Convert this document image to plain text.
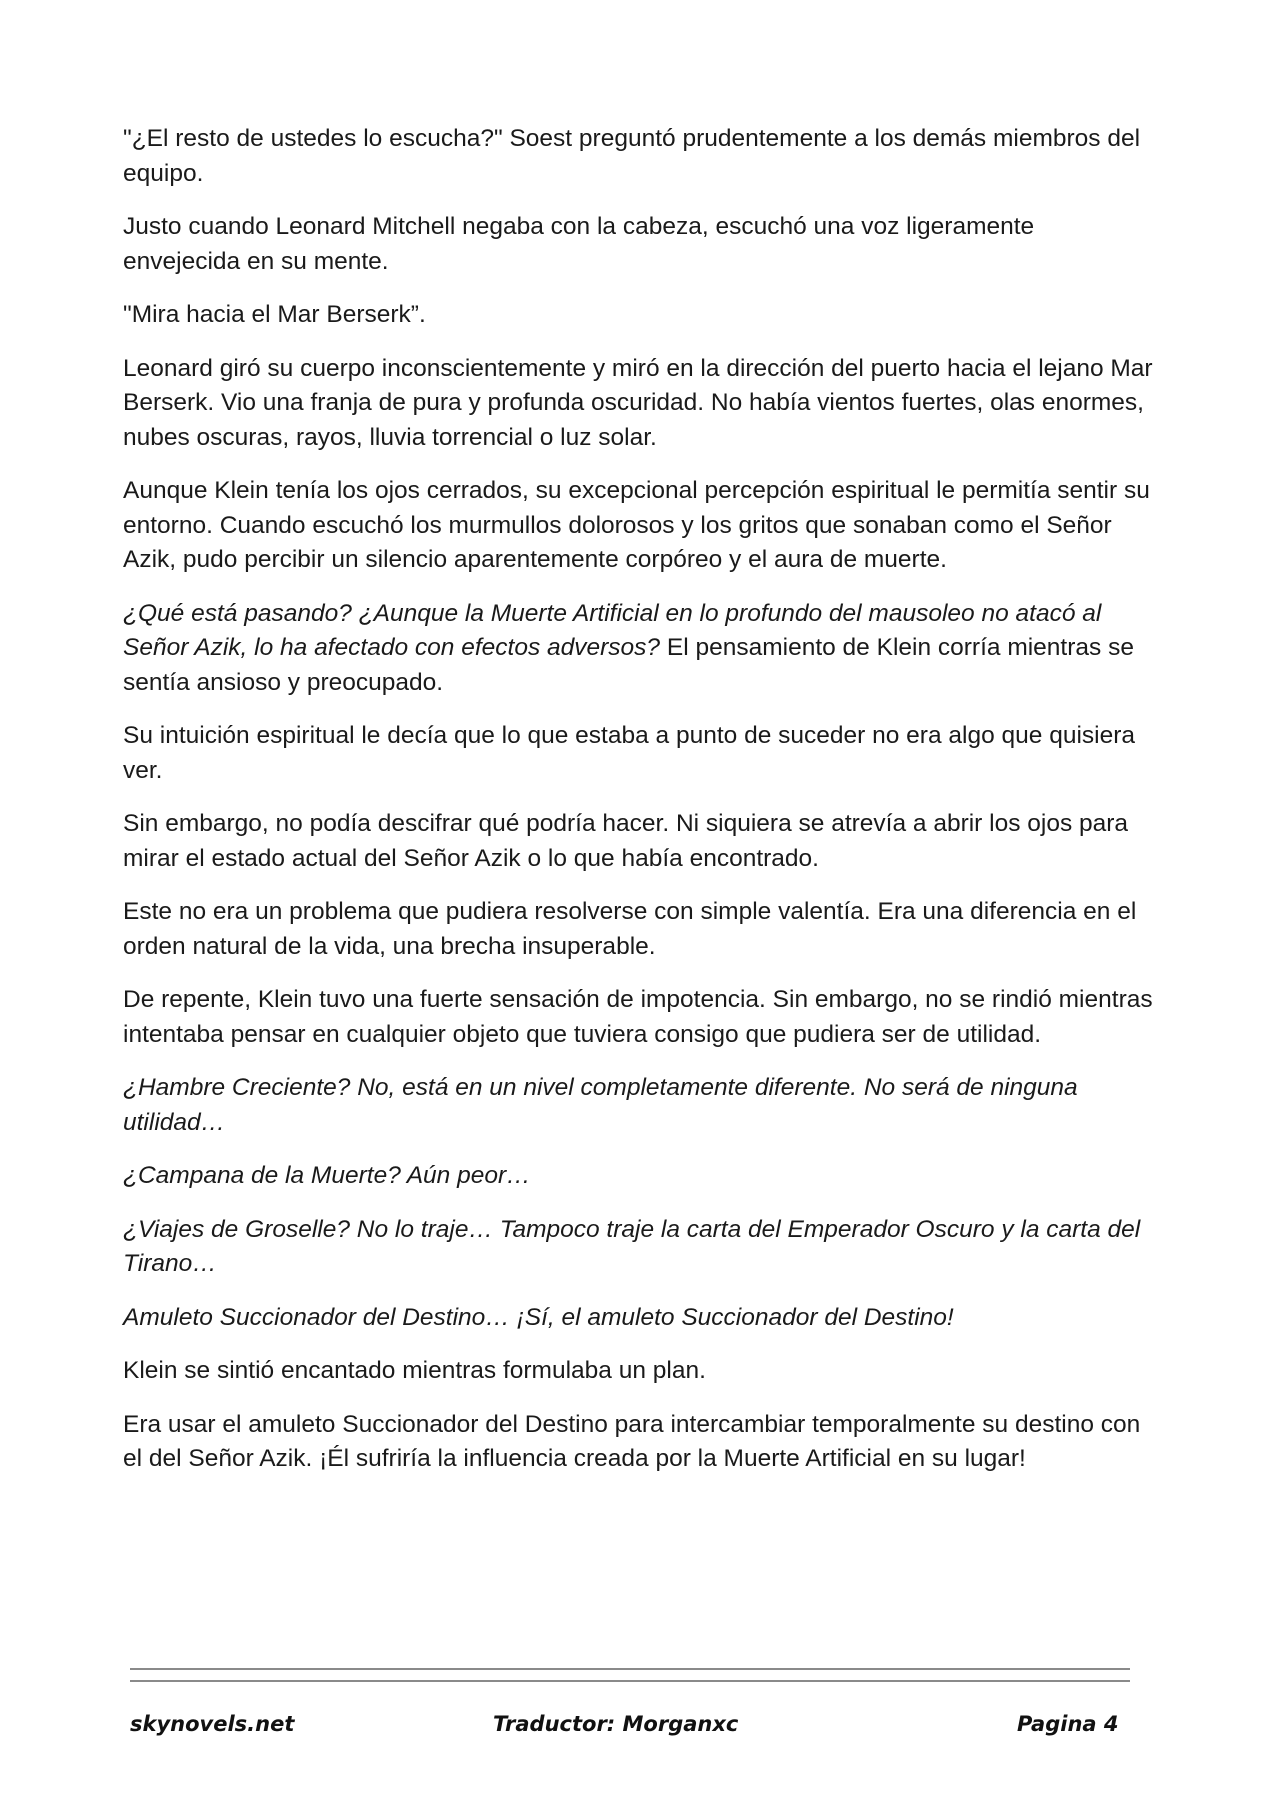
"¿El resto de ustedes lo escucha?" Soest preguntó prudentemente a los demás miembros del equipo.

Justo cuando Leonard Mitchell negaba con la cabeza, escuchó una voz ligeramente envejecida en su mente.

"Mira hacia el Mar Berserk”.

Leonard giró su cuerpo inconscientemente y miró en la dirección del puerto hacia el lejano Mar Berserk. Vio una franja de pura y profunda oscuridad. No había vientos fuertes, olas enormes, nubes oscuras, rayos, lluvia torrencial o luz solar.

Aunque Klein tenía los ojos cerrados, su excepcional percepción espiritual le permitía sentir su entorno. Cuando escuchó los murmullos dolorosos y los gritos que sonaban como el Señor Azik, pudo percibir un silencio aparentemente corpóreo y el aura de muerte.

¿Qué está pasando? ¿Aunque la Muerte Artificial en lo profundo del mausoleo no atacó al Señor Azik, lo ha afectado con efectos adversos? El pensamiento de Klein corría mientras se sentía ansioso y preocupado.

Su intuición espiritual le decía que lo que estaba a punto de suceder no era algo que quisiera ver.

Sin embargo, no podía descifrar qué podría hacer. Ni siquiera se atrevía a abrir los ojos para mirar el estado actual del Señor Azik o lo que había encontrado.

Este no era un problema que pudiera resolverse con simple valentía. Era una diferencia en el orden natural de la vida, una brecha insuperable.

De repente, Klein tuvo una fuerte sensación de impotencia. Sin embargo, no se rindió mientras intentaba pensar en cualquier objeto que tuviera consigo que pudiera ser de utilidad.

¿Hambre Creciente? No, está en un nivel completamente diferente. No será de ninguna utilidad…

¿Campana de la Muerte? Aún peor…

¿Viajes de Groselle? No lo traje… Tampoco traje la carta del Emperador Oscuro y la carta del Tirano…

Amuleto Succionador del Destino… ¡Sí, el amuleto Succionador del Destino!

Klein se sintió encantado mientras formulaba un plan.

Era usar el amuleto Succionador del Destino para intercambiar temporalmente su destino con el del Señor Azik. ¡Él sufriría la influencia creada por la Muerte Artificial en su lugar!

skynovels.net	Traductor: Morganxc	Pagina 4
